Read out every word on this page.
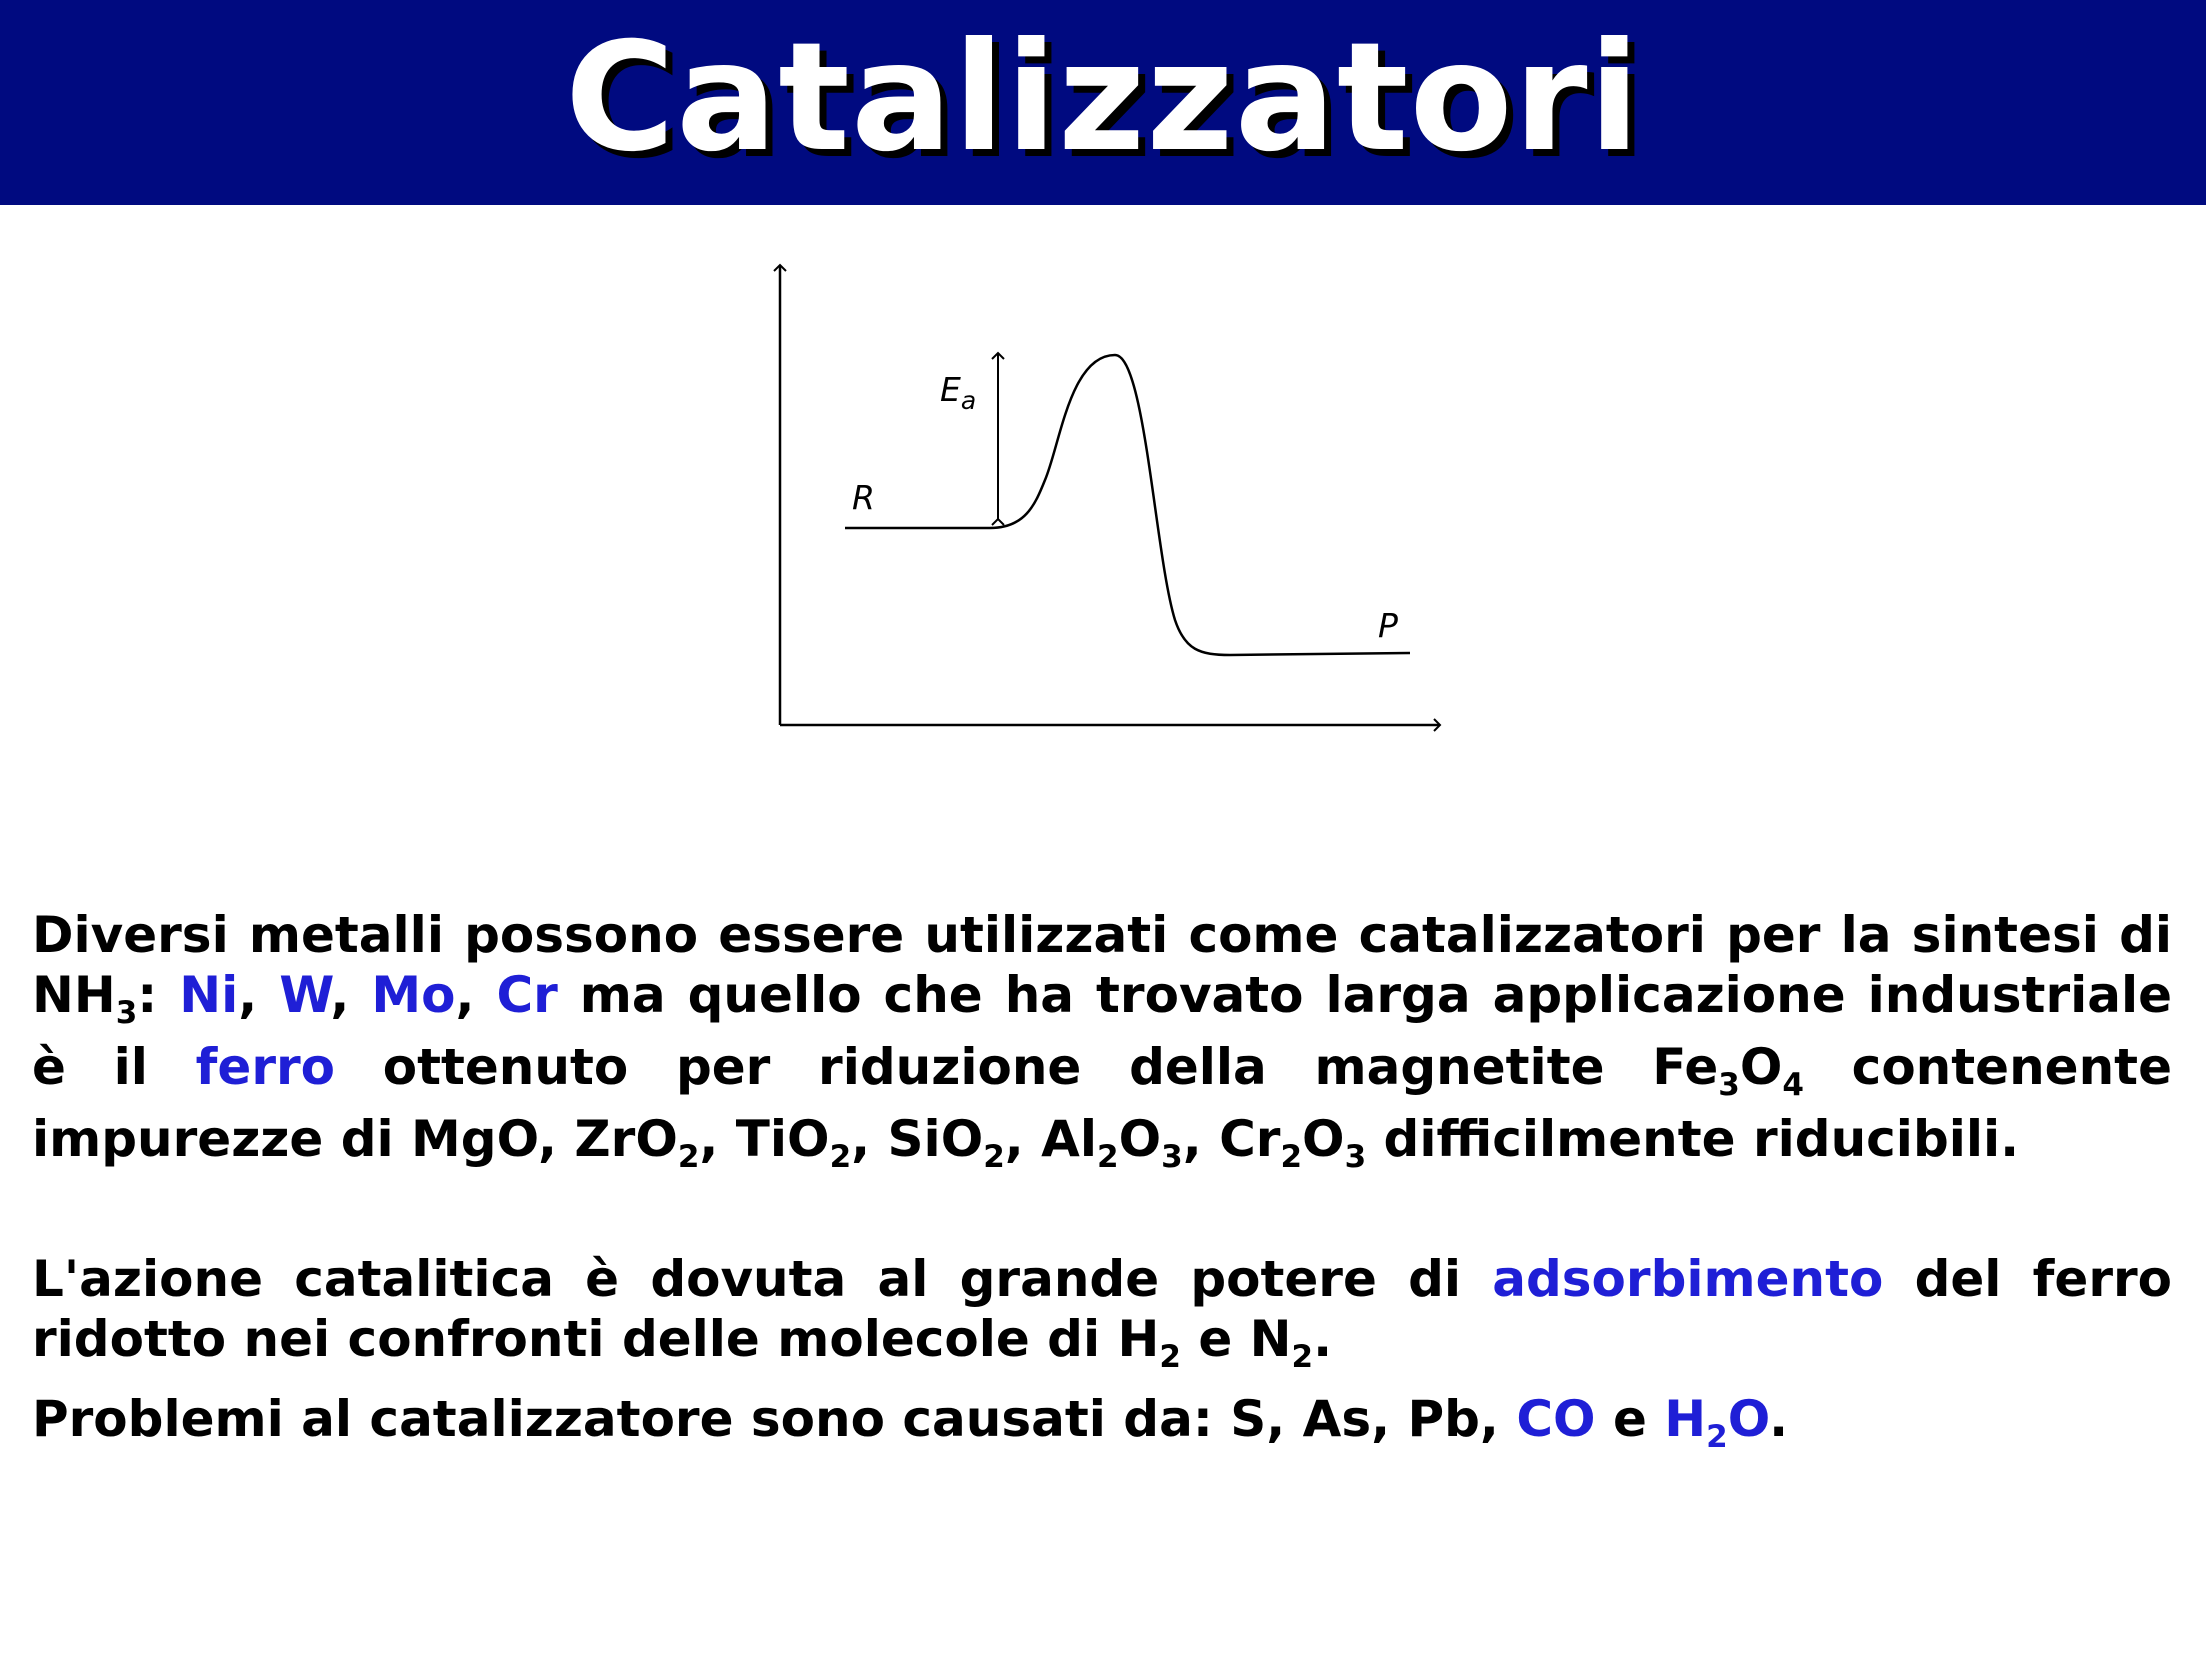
Catalizzatori
R
P
$E_a$
Diversi metalli possono essere utilizzati come catalizzatori per la sintesi di
$NH_3$: Ni, W, Mo, Cr ma quello che ha trovato larga applicazione industriale
è il ferro ottenuto per riduzione della magnetite $Fe_3O_4$ contenente
impurezze di MgO, ZrO$_2$, TiO$_2$, SiO$_2$, $Al_2O_3$, $Cr_2O_3$ difficilmente riducibili.
L'azione catalitica è dovuta al grande potere di adsorbimento del ferro
ridotto nei confronti delle molecole di $H_2$ e $N_2$.
Problemi al catalizzatore sono causati da: S, As, Pb, CO e $H_2O$.
